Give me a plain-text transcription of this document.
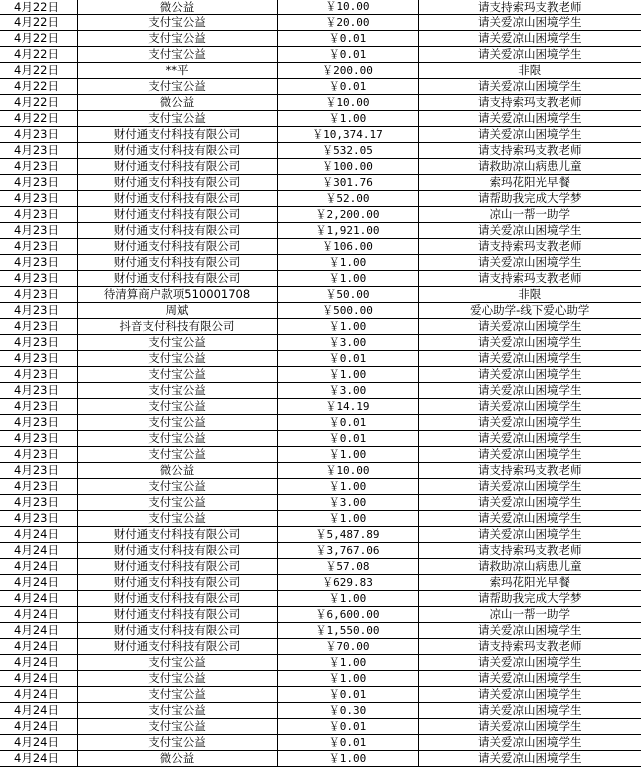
4月22日	微公益	￥10.00	请支持索玛支教老师
4月22日	支付宝公益	￥20.00	请关爱凉山困境学生
4月22日	支付宝公益	￥0.01	请关爱凉山困境学生
4月22日	支付宝公益	￥0.01	请关爱凉山困境学生
4月22日	**平	￥200.00	非限
4月22日	支付宝公益	￥0.01	请关爱凉山困境学生
4月22日	微公益	￥10.00	请支持索玛支教老师
4月22日	支付宝公益	￥1.00	请关爱凉山困境学生
4月23日	财付通支付科技有限公司	￥10,374.17	请关爱凉山困境学生
4月23日	财付通支付科技有限公司	￥532.05	请支持索玛支教老师
4月23日	财付通支付科技有限公司	￥100.00	请救助凉山病患儿童
4月23日	财付通支付科技有限公司	￥301.76	索玛花阳光早餐
4月23日	财付通支付科技有限公司	￥52.00	请帮助我完成大学梦
4月23日	财付通支付科技有限公司	￥2,200.00	凉山一帮一助学
4月23日	财付通支付科技有限公司	￥1,921.00	请关爱凉山困境学生
4月23日	财付通支付科技有限公司	￥106.00	请支持索玛支教老师
4月23日	财付通支付科技有限公司	￥1.00	请关爱凉山困境学生
4月23日	财付通支付科技有限公司	￥1.00	请支持索玛支教老师
4月23日	待清算商户款项510001708	￥50.00	非限
4月23日	周斌	￥500.00	爱心助学-线下爱心助学
4月23日	抖音支付科技有限公司	￥1.00	请关爱凉山困境学生
4月23日	支付宝公益	￥3.00	请关爱凉山困境学生
4月23日	支付宝公益	￥0.01	请关爱凉山困境学生
4月23日	支付宝公益	￥1.00	请关爱凉山困境学生
4月23日	支付宝公益	￥3.00	请关爱凉山困境学生
4月23日	支付宝公益	￥14.19	请关爱凉山困境学生
4月23日	支付宝公益	￥0.01	请关爱凉山困境学生
4月23日	支付宝公益	￥0.01	请关爱凉山困境学生
4月23日	支付宝公益	￥1.00	请关爱凉山困境学生
4月23日	微公益	￥10.00	请支持索玛支教老师
4月23日	支付宝公益	￥1.00	请关爱凉山困境学生
4月23日	支付宝公益	￥3.00	请关爱凉山困境学生
4月23日	支付宝公益	￥1.00	请关爱凉山困境学生
4月24日	财付通支付科技有限公司	￥5,487.89	请关爱凉山困境学生
4月24日	财付通支付科技有限公司	￥3,767.06	请支持索玛支教老师
4月24日	财付通支付科技有限公司	￥57.08	请救助凉山病患儿童
4月24日	财付通支付科技有限公司	￥629.83	索玛花阳光早餐
4月24日	财付通支付科技有限公司	￥1.00	请帮助我完成大学梦
4月24日	财付通支付科技有限公司	￥6,600.00	凉山一帮一助学
4月24日	财付通支付科技有限公司	￥1,550.00	请关爱凉山困境学生
4月24日	财付通支付科技有限公司	￥70.00	请支持索玛支教老师
4月24日	支付宝公益	￥1.00	请关爱凉山困境学生
4月24日	支付宝公益	￥1.00	请关爱凉山困境学生
4月24日	支付宝公益	￥0.01	请关爱凉山困境学生
4月24日	支付宝公益	￥0.30	请关爱凉山困境学生
4月24日	支付宝公益	￥0.01	请关爱凉山困境学生
4月24日	支付宝公益	￥0.01	请关爱凉山困境学生
4月24日	微公益	￥1.00	请关爱凉山困境学生
